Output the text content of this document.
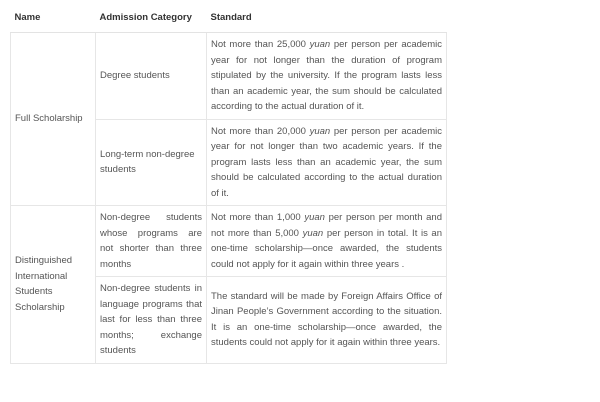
Name	Admission Category	Standard
Full Scholarship	Degree students	Not more than 25,000 yuan per person per academic year for not longer than the duration of program stipulated by the university. If the program lasts less than an academic year, the sum should be calculated according to the actual duration of it.
	Long-term non-degree students	Not more than 20,000 yuan per person per academic year for not longer than two academic years. If the program lasts less than an academic year, the sum should be calculated according to the actual duration of it.
Distinguished International Students Scholarship	Non-degree students whose programs are not shorter than three months	Not more than 1,000 yuan per person per month and not more than 5,000 yuan per person in total. It is an one-time scholarship—once awarded, the students could not apply for it again within three years .
	Non-degree students in language programs that last for less than three months; exchange students	The standard will be made by Foreign Affairs Office of Jinan People’s Government according to the situation. It is an one-time scholarship—once awarded, the students could not apply for it again within three years.
